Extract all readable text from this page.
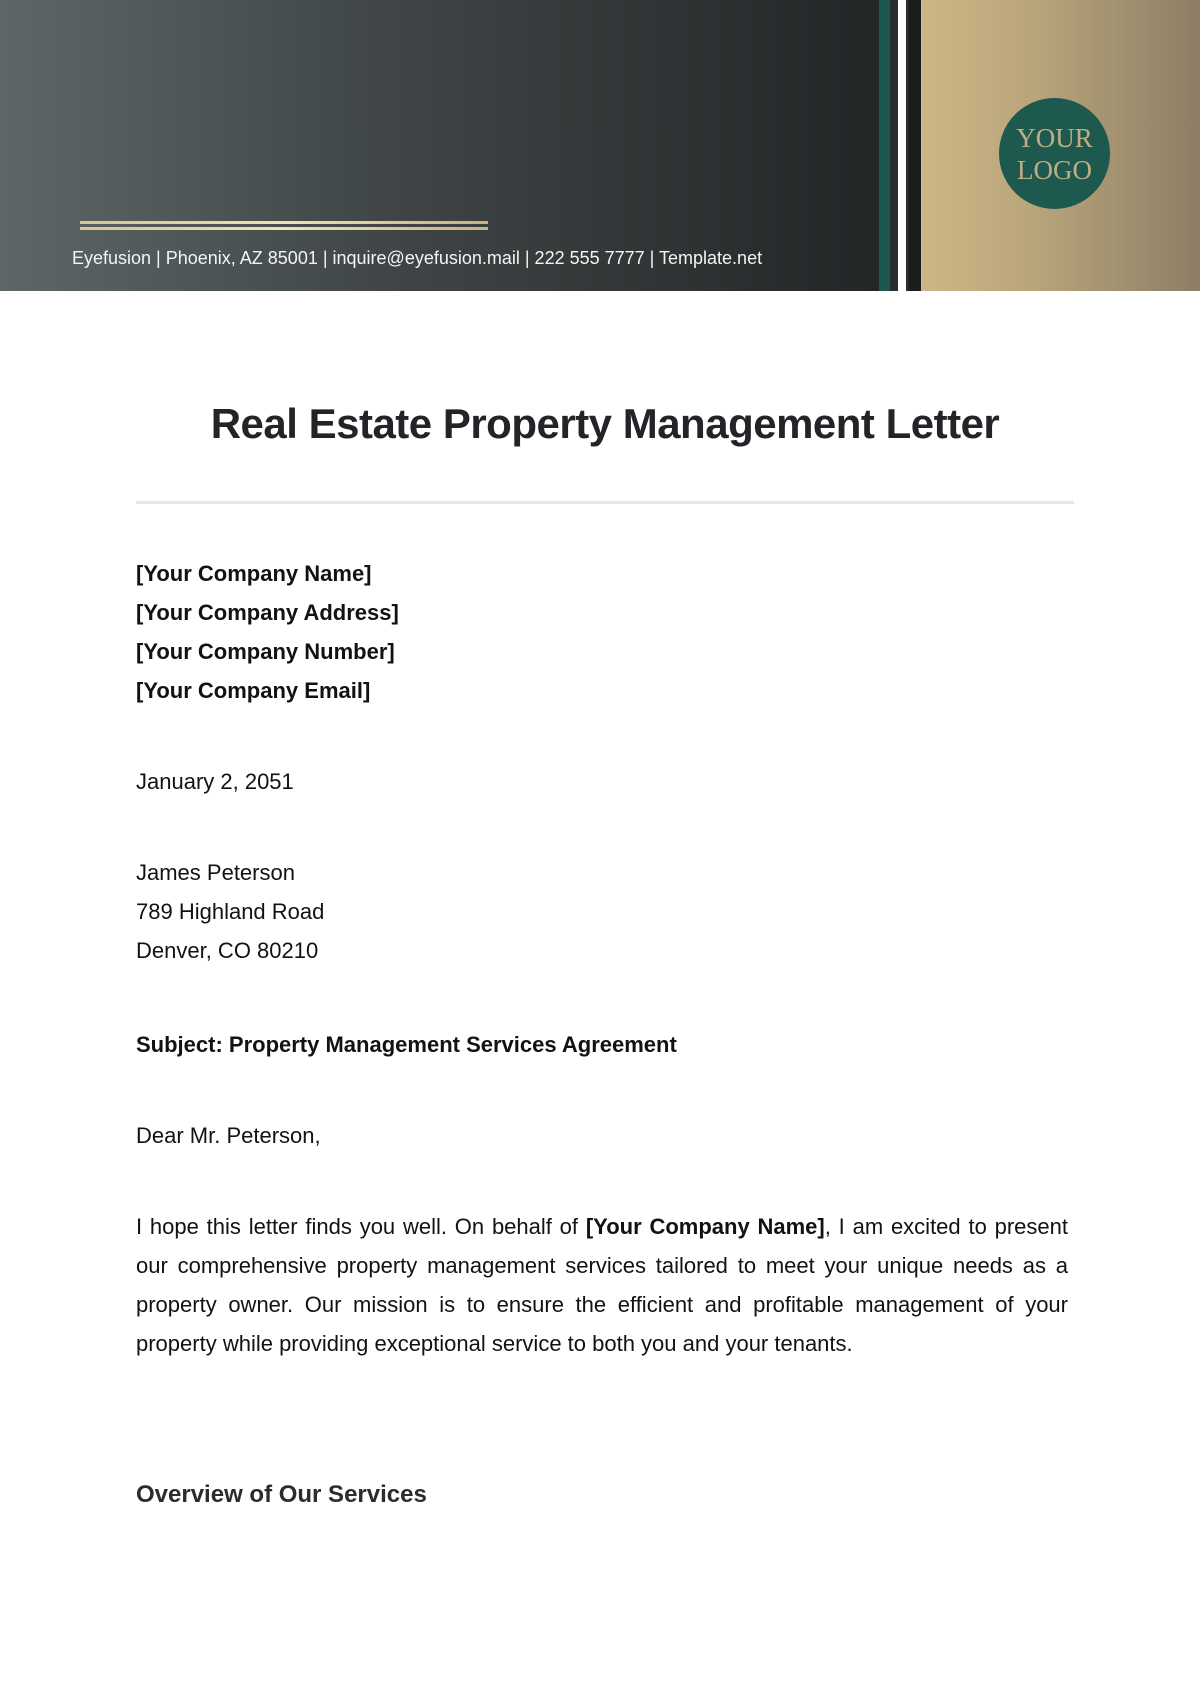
Eyefusion | Phoenix, AZ 85001 | inquire@eyefusion.mail | 222 555 7777 | Template.net
YOUR
LOGO
Real Estate Property Management Letter
[Your Company Name]
[Your Company Address]
[Your Company Number]
[Your Company Email]
January 2, 2051
James Peterson
789 Highland Road
Denver, CO 80210
Subject: Property Management Services Agreement
Dear Mr. Peterson,
I hope this letter finds you well. On behalf of [Your Company Name], I am excited to present our comprehensive property management services tailored to meet your unique needs as a property owner. Our mission is to ensure the efficient and profitable management of your property while providing exceptional service to both you and your tenants.
Overview of Our Services
